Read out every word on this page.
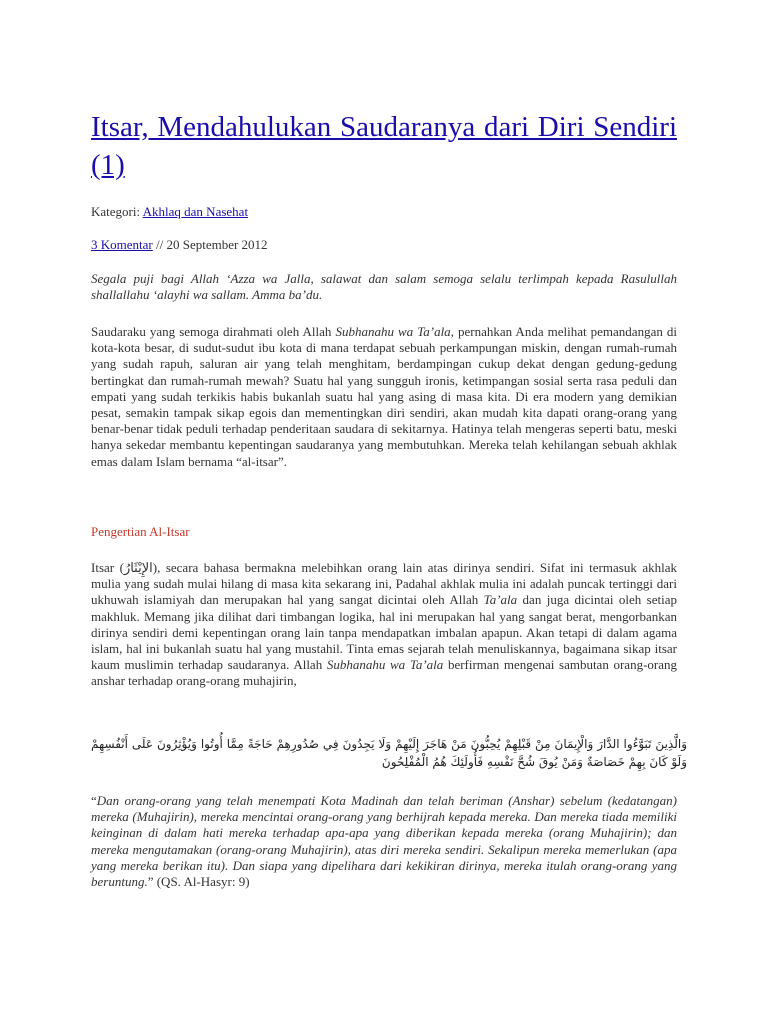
Itsar, Mendahulukan Saudaranya dari Diri Sendiri (1)
Kategori: Akhlaq dan Nasehat
3 Komentar // 20 September 2012

Segala puji bagi Allah ‘Azza wa Jalla, salawat dan salam semoga selalu terlimpah kepada Rasulullah shallallahu ‘alayhi wa sallam. Amma ba’du.

Saudaraku yang semoga dirahmati oleh Allah Subhanahu wa Ta’ala, pernahkan Anda melihat pemandangan di kota-kota besar, di sudut-sudut ibu kota di mana terdapat sebuah perkampungan miskin, dengan rumah-rumah yang sudah rapuh, saluran air yang telah menghitam, berdampingan cukup dekat dengan gedung-gedung bertingkat dan rumah-rumah mewah? Suatu hal yang sungguh ironis, ketimpangan sosial serta rasa peduli dan empati yang sudah terkikis habis bukanlah suatu hal yang asing di masa kita. Di era modern yang demikian pesat, semakin tampak sikap egois dan mementingkan diri sendiri, akan mudah kita dapati orang-orang yang benar-benar tidak peduli terhadap penderitaan saudara di sekitarnya. Hatinya telah mengeras seperti batu, meski hanya sekedar membantu kepentingan saudaranya yang membutuhkan. Mereka telah kehilangan sebuah akhlak emas dalam Islam bernama “al-itsar”.

Pengertian Al-Itsar

Itsar (الإِيْثَارُ), secara bahasa bermakna melebihkan orang lain atas dirinya sendiri. Sifat ini termasuk akhlak mulia yang sudah mulai hilang di masa kita sekarang ini, Padahal akhlak mulia ini adalah puncak tertinggi dari ukhuwah islamiyah dan merupakan hal yang sangat dicintai oleh Allah Ta’ala dan juga dicintai oleh setiap makhluk. Memang jika dilihat dari timbangan logika, hal ini merupakan hal yang sangat berat, mengorbankan dirinya sendiri demi kepentingan orang lain tanpa mendapatkan imbalan apapun. Akan tetapi di dalam agama islam, hal ini bukanlah suatu hal yang mustahil. Tinta emas sejarah telah menuliskannya, bagaimana sikap itsar kaum muslimin terhadap saudaranya. Allah Subhanahu wa Ta’ala berfirman mengenai sambutan orang-orang anshar terhadap orang-orang muhajirin,

وَالَّذِينَ تَبَوَّءُوا الدَّارَ وَالْإِيمَانَ مِنْ قَبْلِهِمْ يُحِبُّونَ مَنْ هَاجَرَ إِلَيْهِمْ وَلَا يَجِدُونَ فِي صُدُورِهِمْ حَاجَةً مِمَّا أُوتُوا وَيُؤْثِرُونَ عَلَى أَنْفُسِهِمْ وَلَوْ كَانَ بِهِمْ خَصَاصَةٌ وَمَنْ يُوقَ شُحَّ نَفْسِهِ فَأُولَئِكَ هُمُ الْمُفْلِحُونَ

“Dan orang-orang yang telah menempati Kota Madinah dan telah beriman (Anshar) sebelum (kedatangan) mereka (Muhajirin), mereka mencintai orang-orang yang berhijrah kepada mereka. Dan mereka tiada memiliki keinginan di dalam hati mereka terhadap apa-apa yang diberikan kepada mereka (orang Muhajirin); dan mereka mengutamakan (orang-orang Muhajirin), atas diri mereka sendiri. Sekalipun mereka memerlukan (apa yang mereka berikan itu). Dan siapa yang dipelihara dari kekikiran dirinya, mereka itulah orang-orang yang beruntung.” (QS. Al-Hasyr: 9)
